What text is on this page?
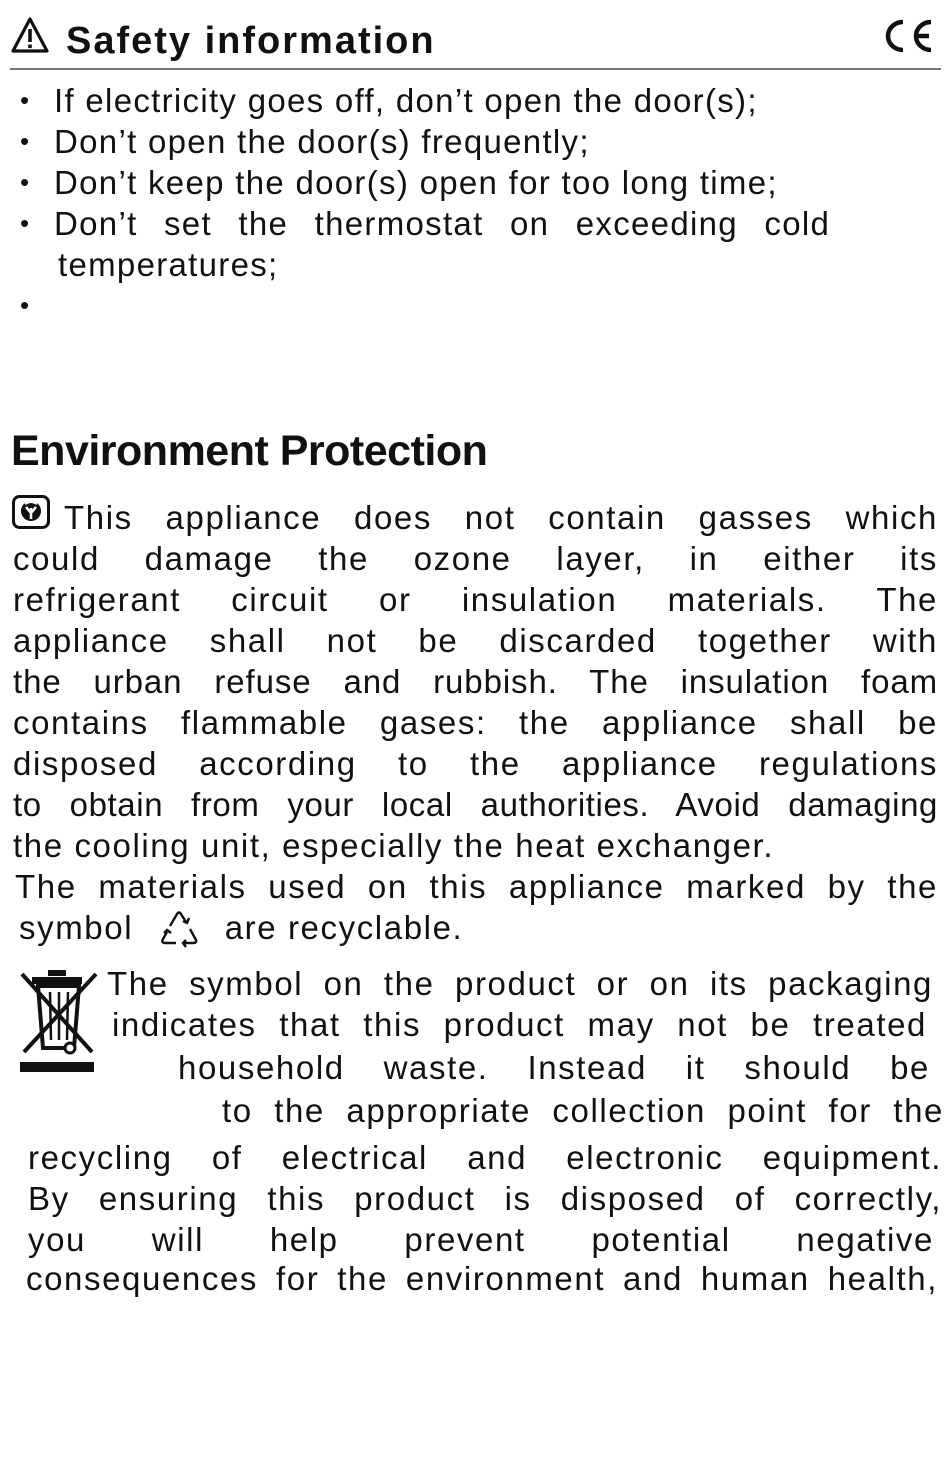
Safety information
• If electricity goes off, don’t open the door(s);
• Don’t open the door(s) frequently;
• Don’t keep the door(s) open for too long time;
• Don’t set the thermostat on exceeding cold
temperatures;
Environment Protection
This appliance does not contain gasses which
could damage the ozone layer, in either its
refrigerant circuit or insulation materials. The
appliance shall not be discarded together with
the urban refuse and rubbish. The insulation foam
contains flammable gases: the appliance shall be
disposed according to the appliance regulations
to obtain from your local authorities. Avoid damaging
the cooling unit, especially the heat exchanger.
The materials used on this appliance marked by the
symbol	are recyclable.
The symbol on the product or on its packaging
indicates that this product may not be treated
household waste. Instead it should be
to the appropriate collection point for the
recycling of electrical and electronic equipment.
By ensuring this product is disposed of correctly,
you will help prevent potential negative
consequences for the environment and human health,
